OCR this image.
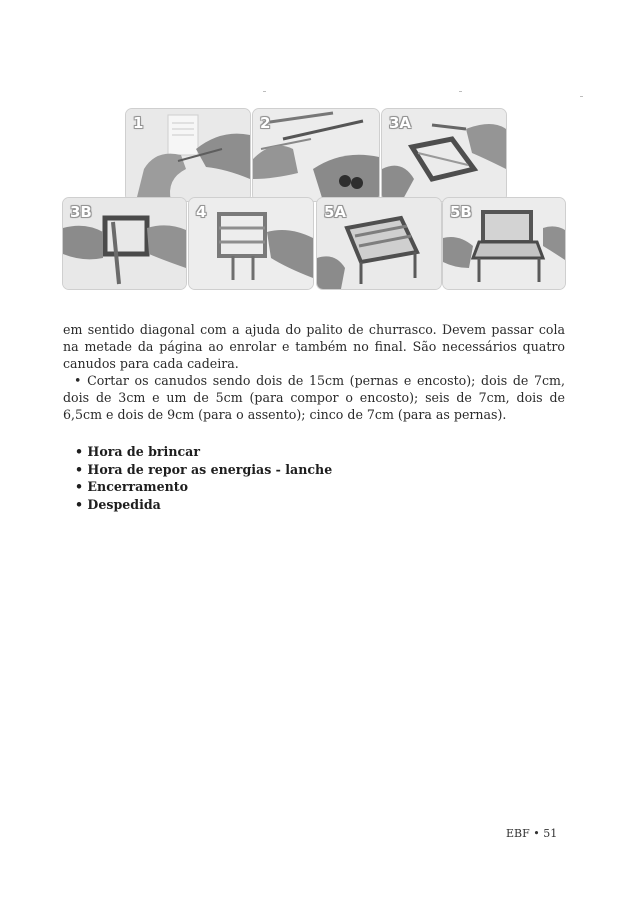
1	2	3A
3B	4	5A	5B

em sentido diagonal com a ajuda do palito de churrasco. Devem passar cola na metade da página ao enrolar e também no final. São necessários quatro canudos para cada cadeira.

• Cortar os canudos sendo dois de 15cm (pernas e encosto); dois de 7cm, dois de 3cm e um de 5cm (para compor o encosto); seis de 7cm, dois de 6,5cm e dois de 9cm (para o assento); cinco de 7cm (para as pernas).

• Hora de brincar
• Hora de repor as energias - lanche
• Encerramento
• Despedida
EBF • 51
